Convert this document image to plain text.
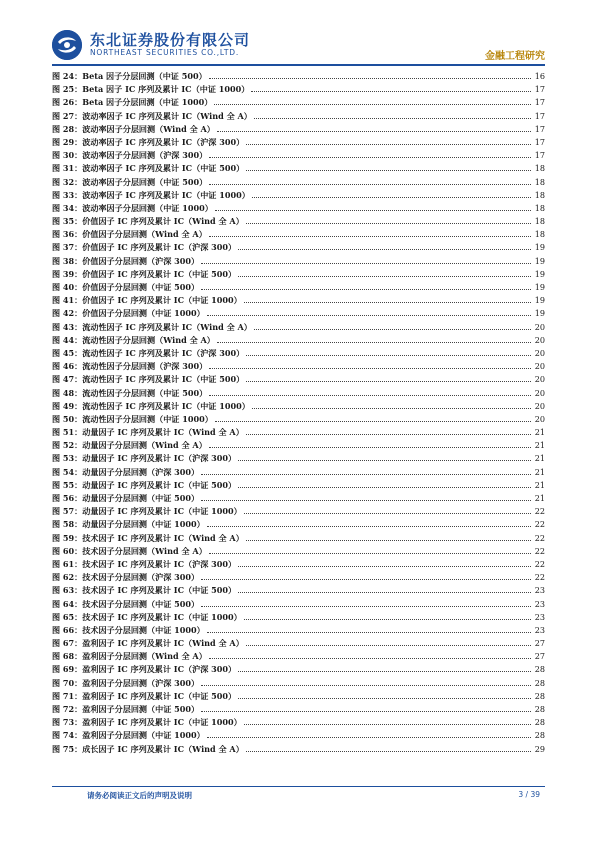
东北证券股份有限公司
NORTHEAST SECURITIES CO.,LTD.	金融工程研究
图 24：Beta 因子分层回测（中证 500）	16
图 25：Beta 因子 IC 序列及累计 IC（中证 1000）	17
图 26：Beta 因子分层回测（中证 1000）	17
图 27：波动率因子 IC 序列及累计 IC（Wind 全 A）	17
图 28：波动率因子分层回测（Wind 全 A）	17
图 29：波动率因子 IC 序列及累计 IC（沪深 300）	17
图 30：波动率因子分层回测（沪深 300）	17
图 31：波动率因子 IC 序列及累计 IC（中证 500）	18
图 32：波动率因子分层回测（中证 500）	18
图 33：波动率因子 IC 序列及累计 IC（中证 1000）	18
图 34：波动率因子分层回测（中证 1000）	18
图 35：价值因子 IC 序列及累计 IC（Wind 全 A）	18
图 36：价值因子分层回测（Wind 全 A）	18
图 37：价值因子 IC 序列及累计 IC（沪深 300）	19
图 38：价值因子分层回测（沪深 300）	19
图 39：价值因子 IC 序列及累计 IC（中证 500）	19
图 40：价值因子分层回测（中证 500）	19
图 41：价值因子 IC 序列及累计 IC（中证 1000）	19
图 42：价值因子分层回测（中证 1000）	19
图 43：流动性因子 IC 序列及累计 IC（Wind 全 A）	20
图 44：流动性因子分层回测（Wind 全 A）	20
图 45：流动性因子 IC 序列及累计 IC（沪深 300）	20
图 46：流动性因子分层回测（沪深 300）	20
图 47：流动性因子 IC 序列及累计 IC（中证 500）	20
图 48：流动性因子分层回测（中证 500）	20
图 49：流动性因子 IC 序列及累计 IC（中证 1000）	20
图 50：流动性因子分层回测（中证 1000）	20
图 51：动量因子 IC 序列及累计 IC（Wind 全 A）	21
图 52：动量因子分层回测（Wind 全 A）	21
图 53：动量因子 IC 序列及累计 IC（沪深 300）	21
图 54：动量因子分层回测（沪深 300）	21
图 55：动量因子 IC 序列及累计 IC（中证 500）	21
图 56：动量因子分层回测（中证 500）	21
图 57：动量因子 IC 序列及累计 IC（中证 1000）	22
图 58：动量因子分层回测（中证 1000）	22
图 59：技术因子 IC 序列及累计 IC（Wind 全 A）	22
图 60：技术因子分层回测（Wind 全 A）	22
图 61：技术因子 IC 序列及累计 IC（沪深 300）	22
图 62：技术因子分层回测（沪深 300）	22
图 63：技术因子 IC 序列及累计 IC（中证 500）	23
图 64：技术因子分层回测（中证 500）	23
图 65：技术因子 IC 序列及累计 IC（中证 1000）	23
图 66：技术因子分层回测（中证 1000）	23
图 67：盈利因子 IC 序列及累计 IC（Wind 全 A）	27
图 68：盈利因子分层回测（Wind 全 A）	27
图 69：盈利因子 IC 序列及累计 IC（沪深 300）	28
图 70：盈利因子分层回测（沪深 300）	28
图 71：盈利因子 IC 序列及累计 IC（中证 500）	28
图 72：盈利因子分层回测（中证 500）	28
图 73：盈利因子 IC 序列及累计 IC（中证 1000）	28
图 74：盈利因子分层回测（中证 1000）	28
图 75：成长因子 IC 序列及累计 IC（Wind 全 A）	29
请务必阅读正文后的声明及说明	3 / 39
